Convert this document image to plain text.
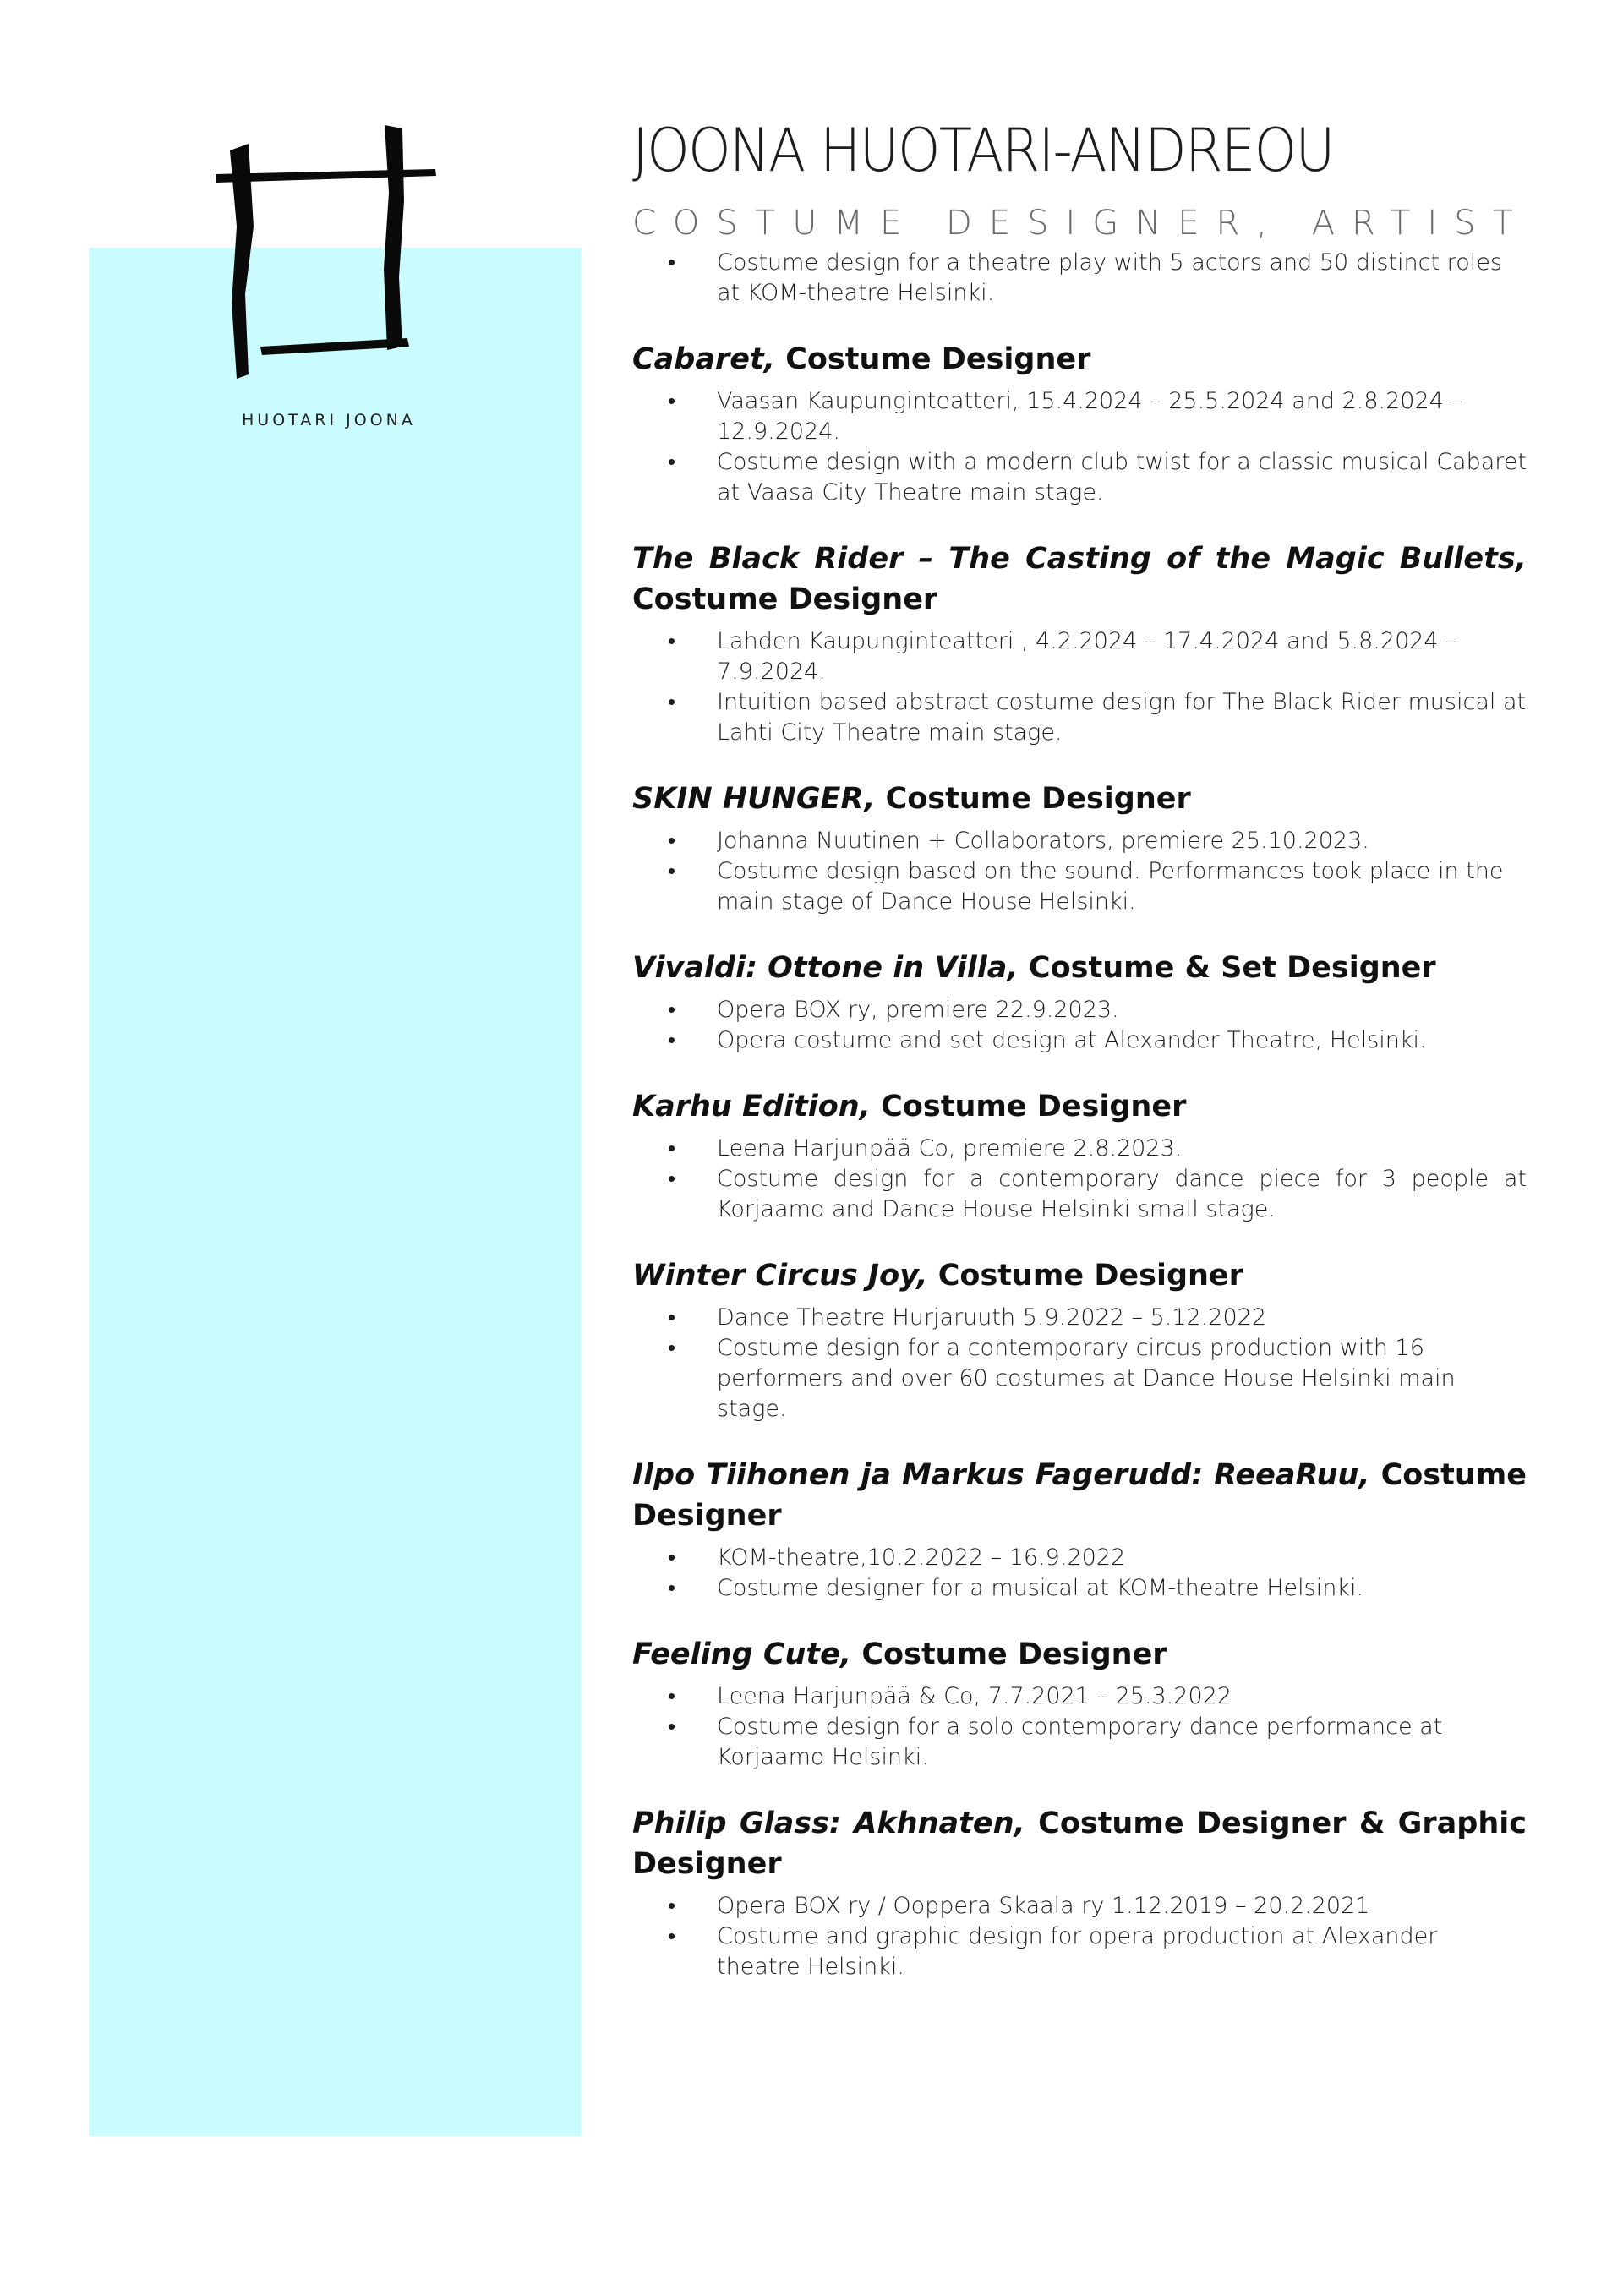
HUOTARI JOONA
JOONA HUOTARI-ANDREOU
COSTUME DESIGNER, ARTIST
• Costume design for a theatre play with 5 actors and 50 distinct roles at KOM-theatre Helsinki.

Cabaret, Costume Designer

• Vaasan Kaupunginteatteri, 15.4.2024 – 25.5.2024 and 2.8.2024 – 12.9.2024.
• Costume design with a modern club twist for a classic musical Cabaret at Vaasa City Theatre main stage.

The Black Rider – The Casting of the Magic Bullets, Costume Designer

• Lahden Kaupunginteatteri , 4.2.2024 – 17.4.2024 and 5.8.2024 – 7.9.2024.
• Intuition based abstract costume design for The Black Rider musical at Lahti City Theatre main stage.

SKIN HUNGER, Costume Designer

• Johanna Nuutinen + Collaborators, premiere 25.10.2023.
• Costume design based on the sound. Performances took place in the main stage of Dance House Helsinki.

Vivaldi: Ottone in Villa, Costume & Set Designer

• Opera BOX ry, premiere 22.9.2023.
• Opera costume and set design at Alexander Theatre, Helsinki.

Karhu Edition, Costume Designer

• Leena Harjunpää Co, premiere 2.8.2023.
• Costume design for a contemporary dance piece for 3 people at Korjaamo and Dance House Helsinki small stage.

Winter Circus Joy, Costume Designer

• Dance Theatre Hurjaruuth 5.9.2022 – 5.12.2022
• Costume design for a contemporary circus production with 16 performers and over 60 costumes at Dance House Helsinki main stage.

Ilpo Tiihonen ja Markus Fagerudd: ReeaRuu, Costume Designer

• KOM-theatre,10.2.2022 – 16.9.2022
• Costume designer for a musical at KOM-theatre Helsinki.

Feeling Cute, Costume Designer

• Leena Harjunpää & Co, 7.7.2021 – 25.3.2022
• Costume design for a solo contemporary dance performance at Korjaamo Helsinki.

Philip Glass: Akhnaten, Costume Designer & Graphic Designer

• Opera BOX ry / Ooppera Skaala ry 1.12.2019 – 20.2.2021
• Costume and graphic design for opera production at Alexander theatre Helsinki.
